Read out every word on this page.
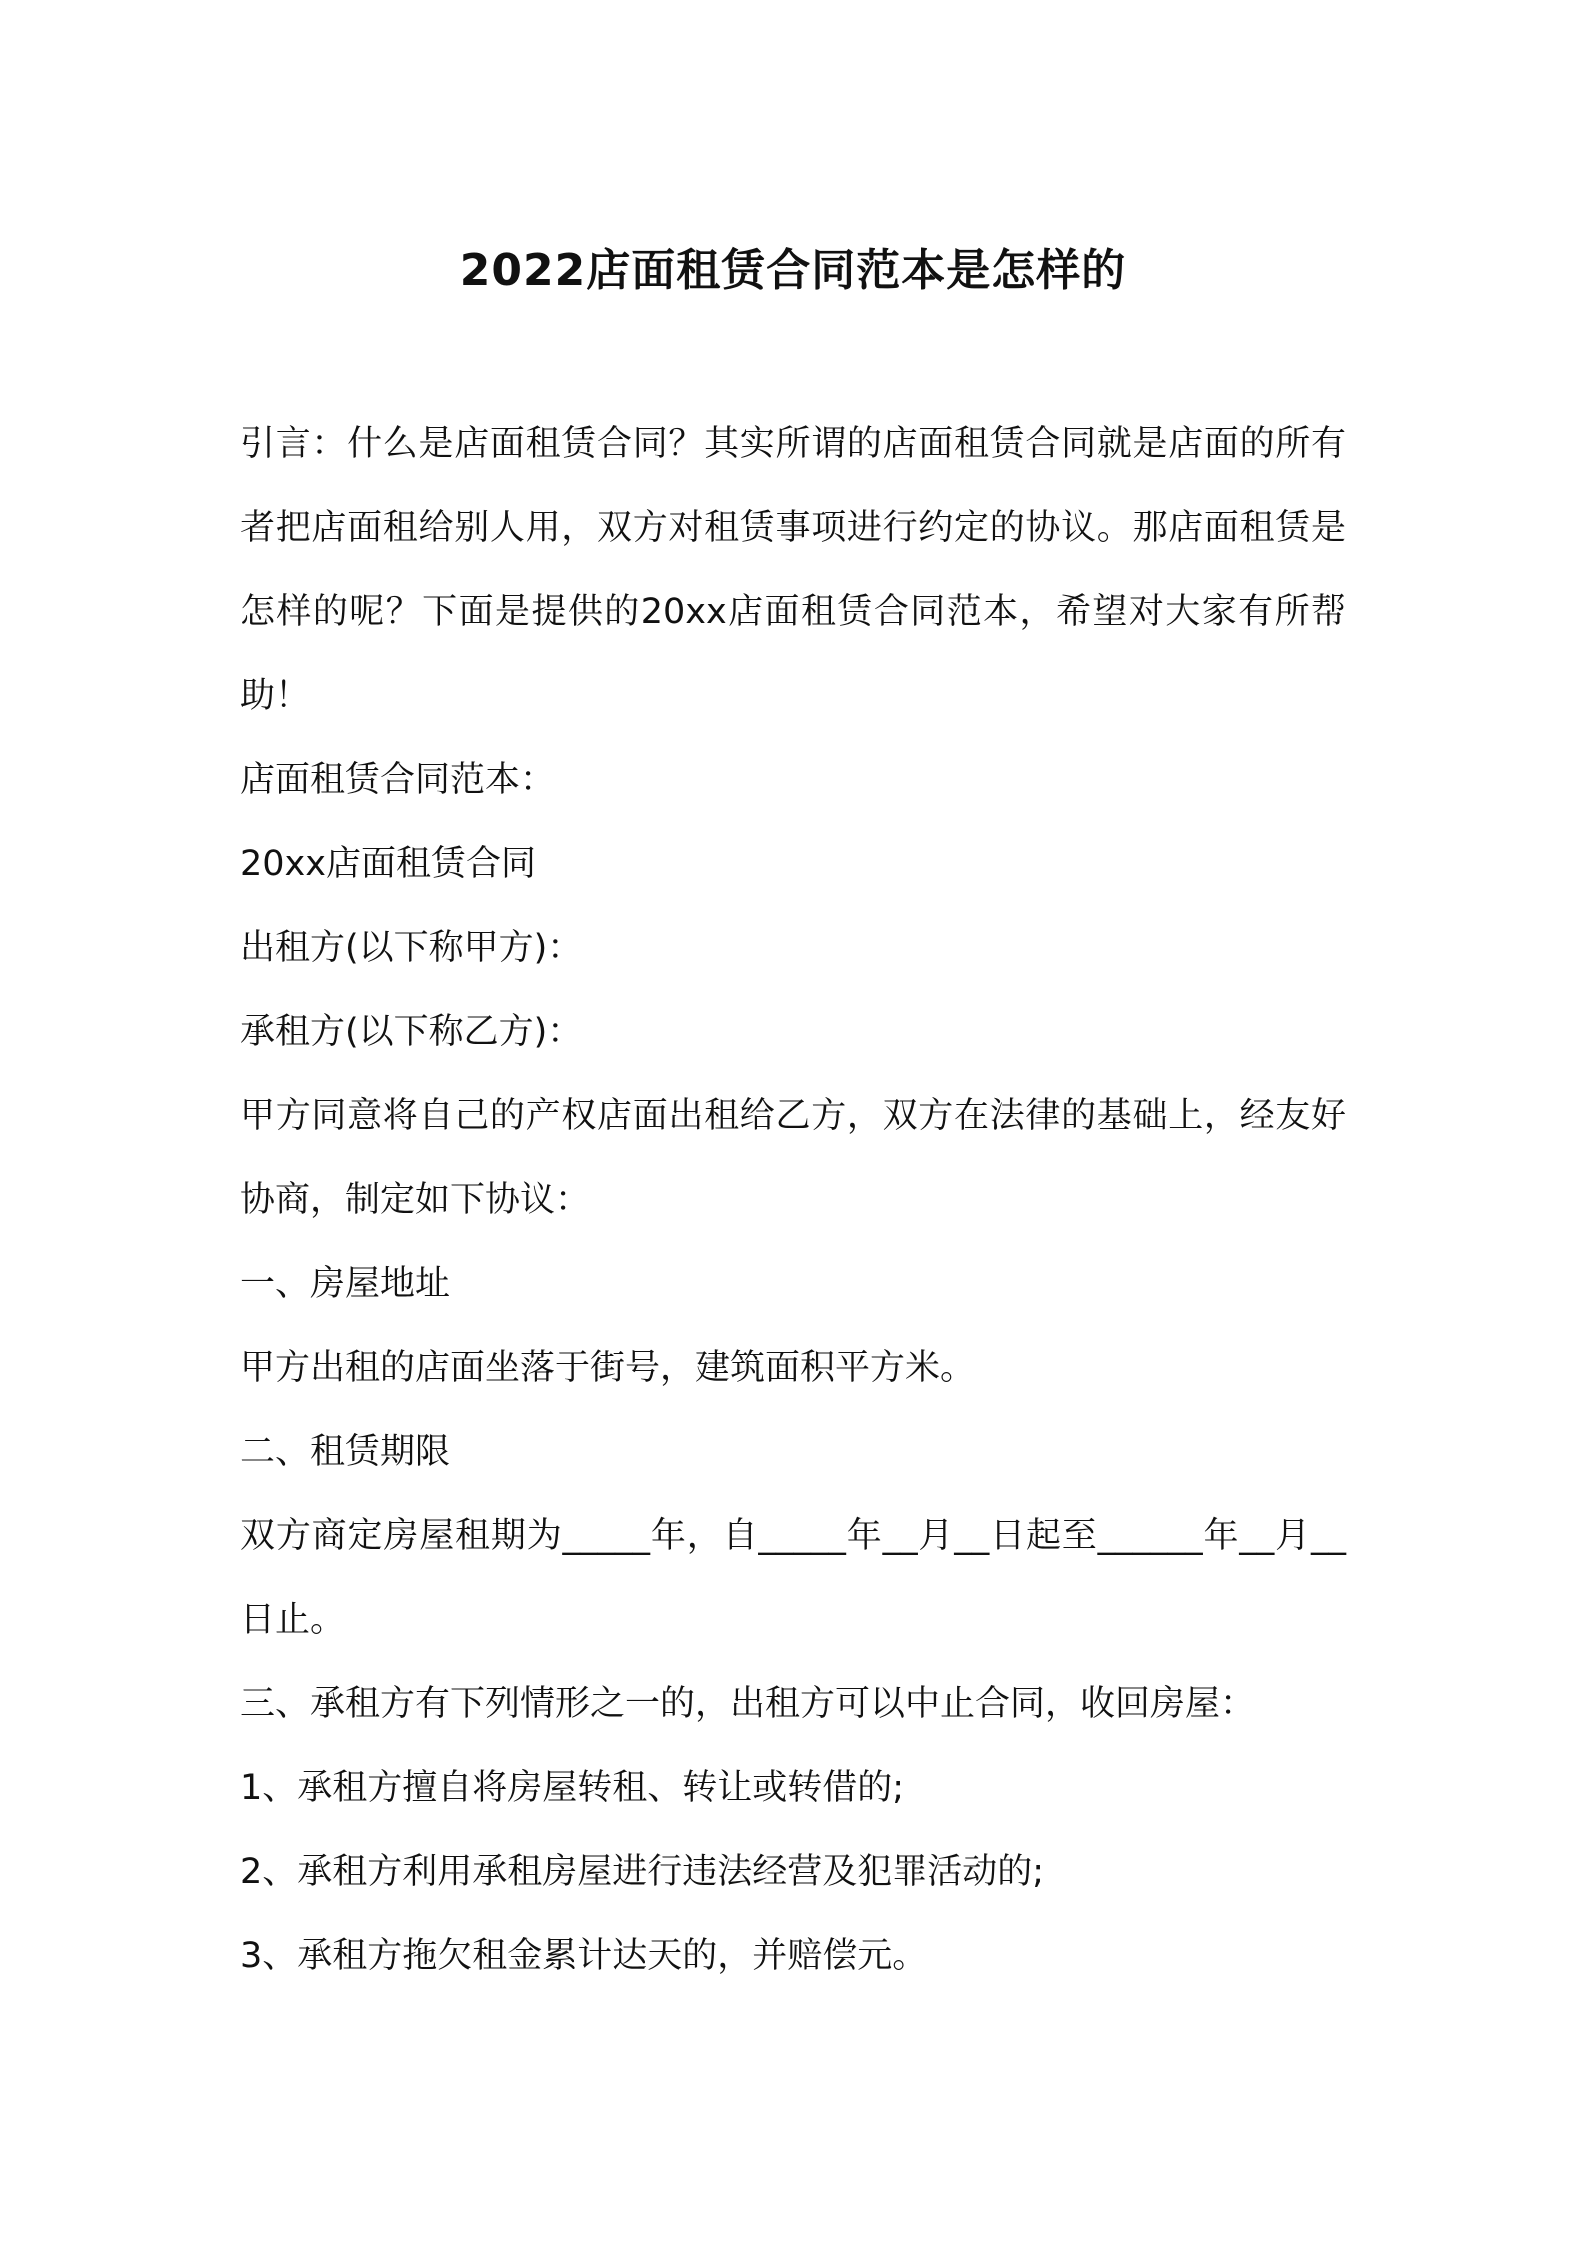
2022店面租赁合同范本是怎样的

引言：什么是店面租赁合同？其实所谓的店面租赁合同就是店面的所有者把店面租给别人用，双方对租赁事项进行约定的协议。那店面租赁是怎样的呢？下面是提供的20xx店面租赁合同范本，希望对大家有所帮助！

店面租赁合同范本：

20xx店面租赁合同

出租方(以下称甲方)：

承租方(以下称乙方)：

甲方同意将自己的产权店面出租给乙方，双方在法律的基础上，经友好协商，制定如下协议：

一、房屋地址

甲方出租的店面坐落于街号，建筑面积平方米。

二、租赁期限

双方商定房屋租期为_____年，自_____年__月__日起至______年__月__日止。

三、承租方有下列情形之一的，出租方可以中止合同，收回房屋：

1、承租方擅自将房屋转租、转让或转借的;

2、承租方利用承租房屋进行违法经营及犯罪活动的;

3、承租方拖欠租金累计达天的，并赔偿元。
